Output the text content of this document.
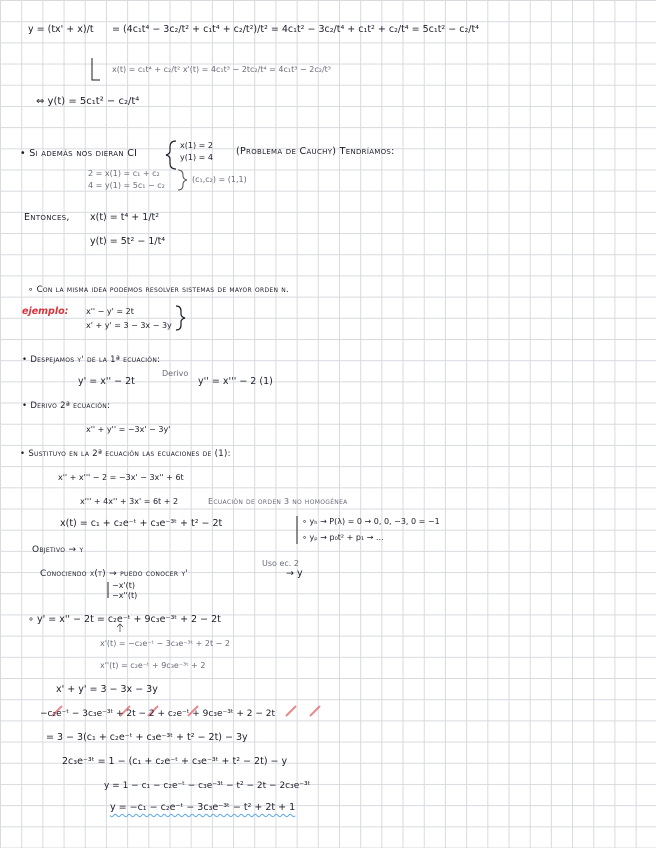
y = (tx' + x)/t = (4c₁t⁴ − 3c₂/t² + c₁t⁴ + c₂/t²)/t² = 4c₁t² − 3c₂/t⁴ + c₁t² + c₂/t⁴ = 5c₁t² − c₂/t⁴
x(t) = c₁t⁴ + c₂/t² x'(t) = 4c₁t³ − 2tc₂/t⁴ = 4c₁t³ − 2c₂/t³
⇔ y(t) = 5c₁t² − c₂/t⁴
• Si además nos dieran CI
x(1) = 2
y(1) = 4
(Problema de Cauchy) Tendríamos:
2 = x(1) = c₁ + c₂
4 = y(1) = 5c₁ − c₂
(c₁,c₂) = (1,1)
Entonces, x(t) = t⁴ + 1/t²
y(t) = 5t² − 1/t⁴
∘ Con la misma idea podemos resolver sistemas de mayor orden n.
ejemplo: x'' − y' = 2t
x' + y' = 3 − 3x − 3y
• Despejamos y' de la 1ª ecuación:
y' = x'' − 2t
Derivo
y'' = x''' − 2 (1)
• Derivo 2ª ecuación:
x'' + y'' = −3x' − 3y'
• Sustituyo en la 2ª ecuación las ecuaciones de (1):
x'' + x''' − 2 = −3x' − 3x'' + 6t
x''' + 4x'' + 3x' = 6t + 2	Ecuación de orden 3 no homogénea
x(t) = c₁ + c₂e⁻ᵗ + c₃e⁻³ᵗ + t² − 2t	∘ yₕ → P(λ) = 0 → 0, 0, −3, 0 = −1
∘ yₚ → p₀t² + p₁ → ...
Objetivo → y
Conociendo x(t) → puedo conocer y'
Uso ec. 2
→ y
−x'(t)
−x''(t)
∘ y' = x'' − 2t = c₂e⁻ᵗ + 9c₃e⁻³ᵗ + 2 − 2t
x'(t) = −c₂e⁻ᵗ − 3c₃e⁻³ᵗ + 2t − 2
x''(t) = c₂e⁻ᵗ + 9c₃e⁻³ᵗ + 2
x' + y' = 3 − 3x − 3y
−c₂e⁻ᵗ − 3c₃e⁻³ᵗ + 2t − 2 + c₂e⁻ᵗ + 9c₃e⁻³ᵗ + 2 − 2t
= 3 − 3(c₁ + c₂e⁻ᵗ + c₃e⁻³ᵗ + t² − 2t) − 3y
2c₃e⁻³ᵗ = 1 − (c₁ + c₂e⁻ᵗ + c₃e⁻³ᵗ + t² − 2t) − y
y = 1 − c₁ − c₂e⁻ᵗ − c₃e⁻³ᵗ − t² − 2t − 2c₃e⁻³ᵗ
y = −c₁ − c₂e⁻ᵗ − 3c₃e⁻³ᵗ − t² + 2t + 1
